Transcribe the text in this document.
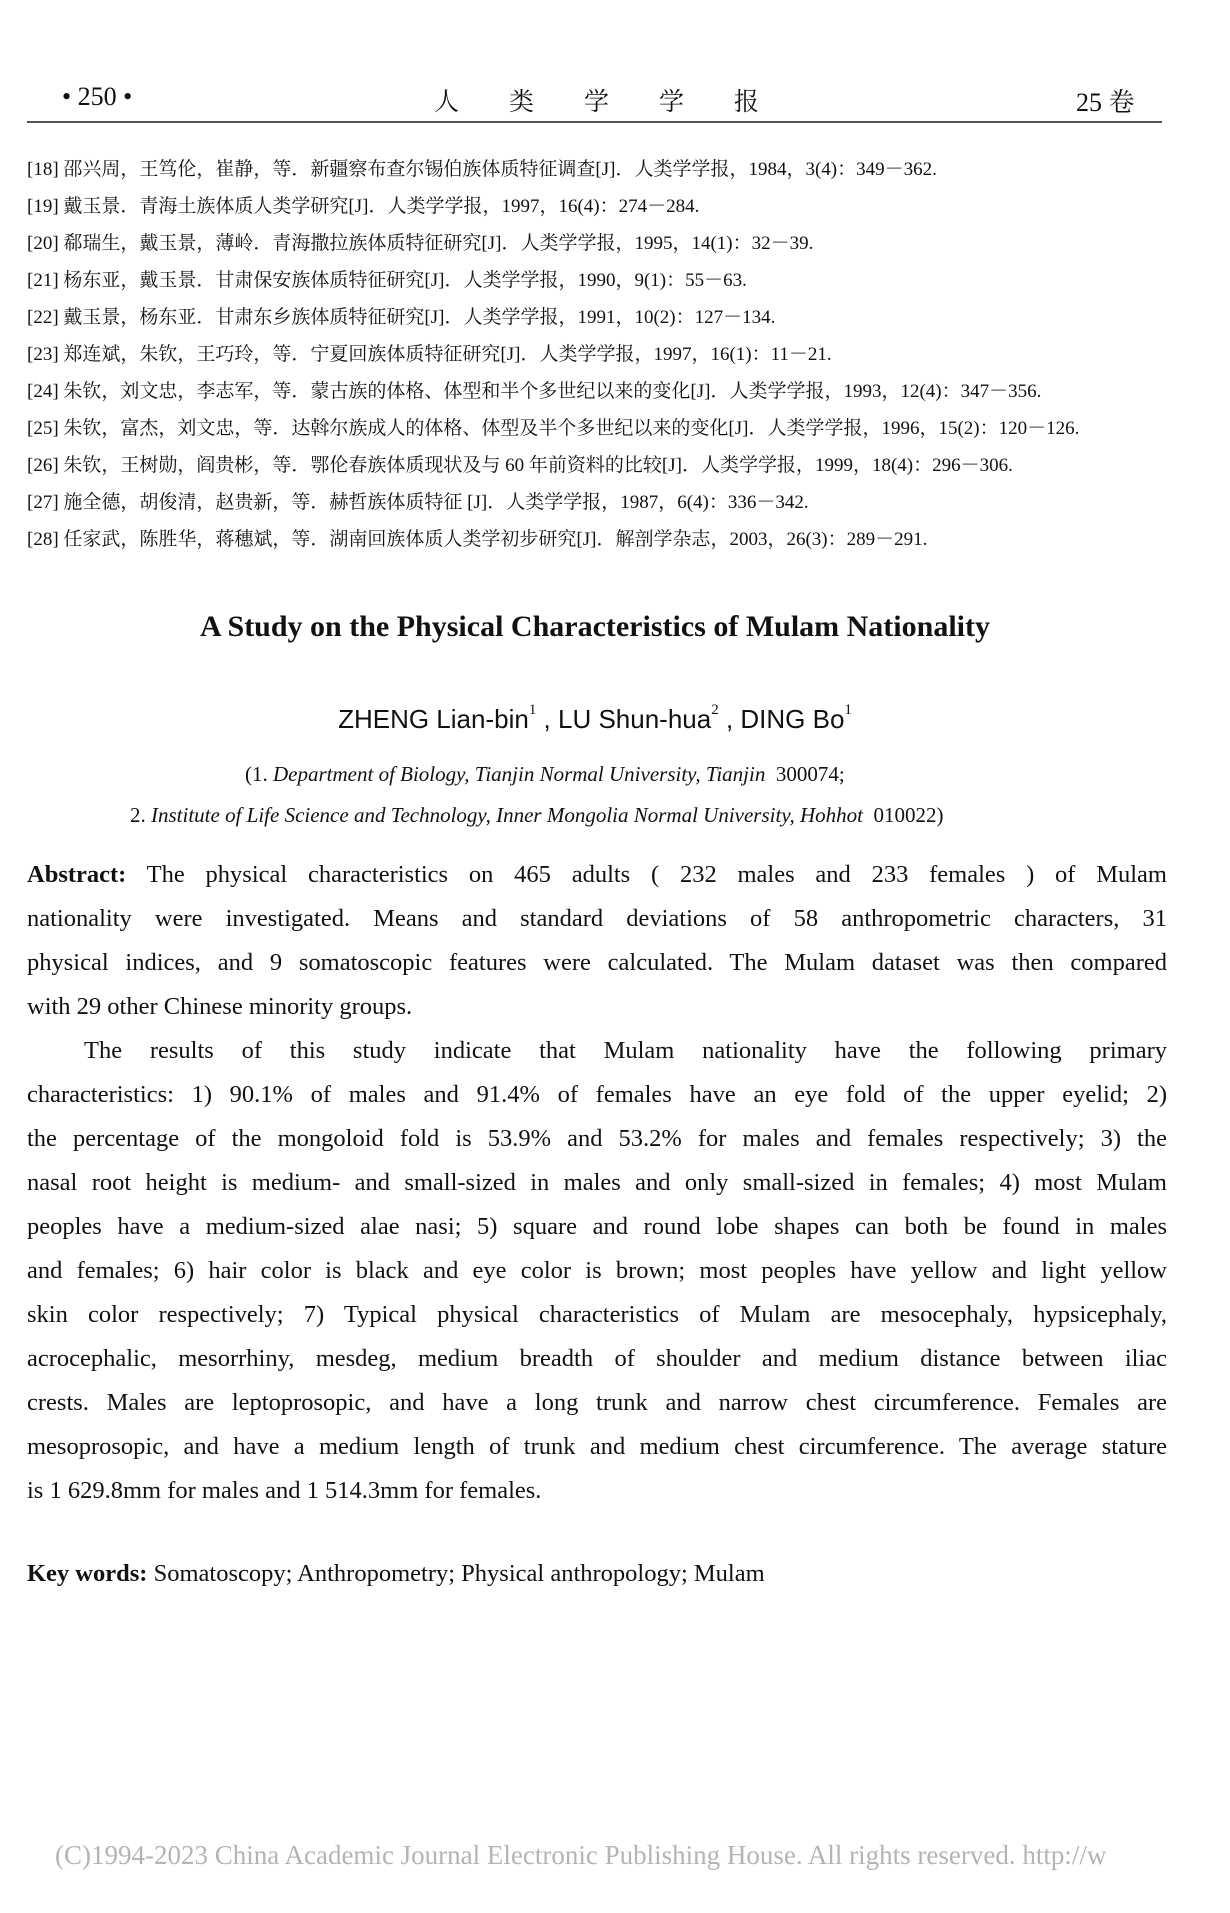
• 250 •	人　　类　　学　　学　　报	25 卷
[18] 邵兴周，王笃伦，崔静，等．新疆察布查尔锡伯族体质特征调查[J]．人类学学报，1984，3(4)：349－362.
[19] 戴玉景．青海土族体质人类学研究[J]．人类学学报，1997，16(4)：274－284.
[20] 郗瑞生，戴玉景，薄岭．青海撒拉族体质特征研究[J]．人类学学报，1995，14(1)：32－39.
[21] 杨东亚，戴玉景．甘肃保安族体质特征研究[J]．人类学学报，1990，9(1)：55－63.
[22] 戴玉景，杨东亚．甘肃东乡族体质特征研究[J]．人类学学报，1991，10(2)：127－134.
[23] 郑连斌，朱钦，王巧玲，等．宁夏回族体质特征研究[J]．人类学学报，1997，16(1)：11－21.
[24] 朱钦，刘文忠，李志军，等．蒙古族的体格、体型和半个多世纪以来的变化[J]．人类学学报，1993，12(4)：347－356.
[25] 朱钦，富杰，刘文忠，等．达斡尔族成人的体格、体型及半个多世纪以来的变化[J]．人类学学报，1996，15(2)：120－126.
[26] 朱钦，王树勋，阎贵彬，等．鄂伦春族体质现状及与 60 年前资料的比较[J]．人类学学报，1999，18(4)：296－306.
[27] 施全德，胡俊清，赵贵新，等．赫哲族体质特征 [J]．人类学学报，1987，6(4)：336－342.
[28] 任家武，陈胜华，蒋穗斌，等．湖南回族体质人类学初步研究[J]．解剖学杂志，2003，26(3)：289－291.
A Study on the Physical Characteristics of Mulam Nationality
ZHENG Lian-bin$^1$ , LU Shun-hua$^2$ , DING Bo$^1$
(1. Department of Biology, Tianjin Normal University, Tianjin 300074;
2. Institute of Life Science and Technology, Inner Mongolia Normal University, Hohhot 010022)
Abstract: The physical characteristics on 465 adults ( 232 males and 233 females ) of Mulam
nationality were investigated. Means and standard deviations of 58 anthropometric characters, 31
physical indices, and 9 somatoscopic features were calculated. The Mulam dataset was then compared
with 29 other Chinese minority groups.
The results of this study indicate that Mulam nationality have the following primary
characteristics: 1) 90.1% of males and 91.4% of females have an eye fold of the upper eyelid; 2)
the percentage of the mongoloid fold is 53.9% and 53.2% for males and females respectively; 3) the
nasal root height is medium- and small-sized in males and only small-sized in females; 4) most Mulam
peoples have a medium-sized alae nasi; 5) square and round lobe shapes can both be found in males
and females; 6) hair color is black and eye color is brown; most peoples have yellow and light yellow
skin color respectively; 7) Typical physical characteristics of Mulam are mesocephaly, hypsicephaly,
acrocephalic, mesorrhiny, mesdeg, medium breadth of shoulder and medium distance between iliac
crests. Males are leptoprosopic, and have a long trunk and narrow chest circumference. Females are
mesoprosopic, and have a medium length of trunk and medium chest circumference. The average stature
is 1 629.8mm for males and 1 514.3mm for females.
Key words: Somatoscopy; Anthropometry; Physical anthropology; Mulam
(C)1994-2023 China Academic Journal Electronic Publishing House. All rights reserved. http://w
